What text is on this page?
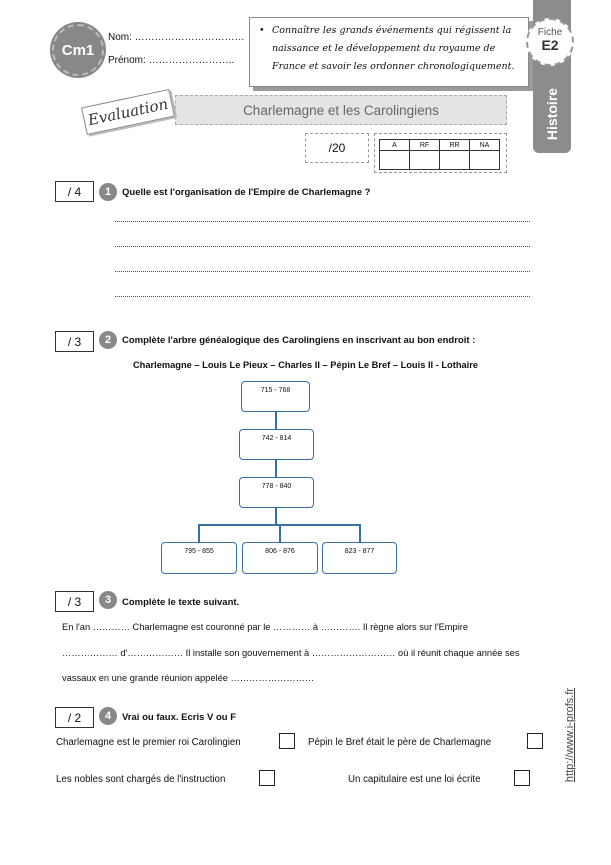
Cm1
Nom: ……………………………
Prénom: ……………………..
• Connaître les grands événements qui régissent la naissance et le développement du royaume de France et savoir les ordonner chronologiquement.
Fiche
E2
Histoire
Charlemagne et les Carolingiens
Evaluation
/20	A	RF	RR	NA

/ 4	1	Quelle est l'organisation de l'Empire de Charlemagne ?
/ 3	2	Complète l'arbre généalogique des Carolingiens en inscrivant au bon endroit :
Charlemagne – Louis Le Pieux – Charles II – Pépin Le Bref – Louis II - Lothaire
715 - 768
742 - 814
778 - 840
795 - 855	806 - 876	823 - 877
/ 3	3	Complète le texte suivant.
En l'an ………… Charlemagne est couronné par le ………… à …………. Il règne alors sur l'Empire
……………… d'……………… Il installe son gouvernement à ……………………… où il réunit chaque année ses
vassaux en une grande réunion appelée ………………………
/ 2	4	Vrai ou faux. Ecris V ou F
Charlemagne est le premier roi Carolingien	Pépin le Bref était le père de Charlemagne
Les nobles sont chargés de l'instruction	Un capitulaire est une loi écrite	http://www.i-profs.fr
